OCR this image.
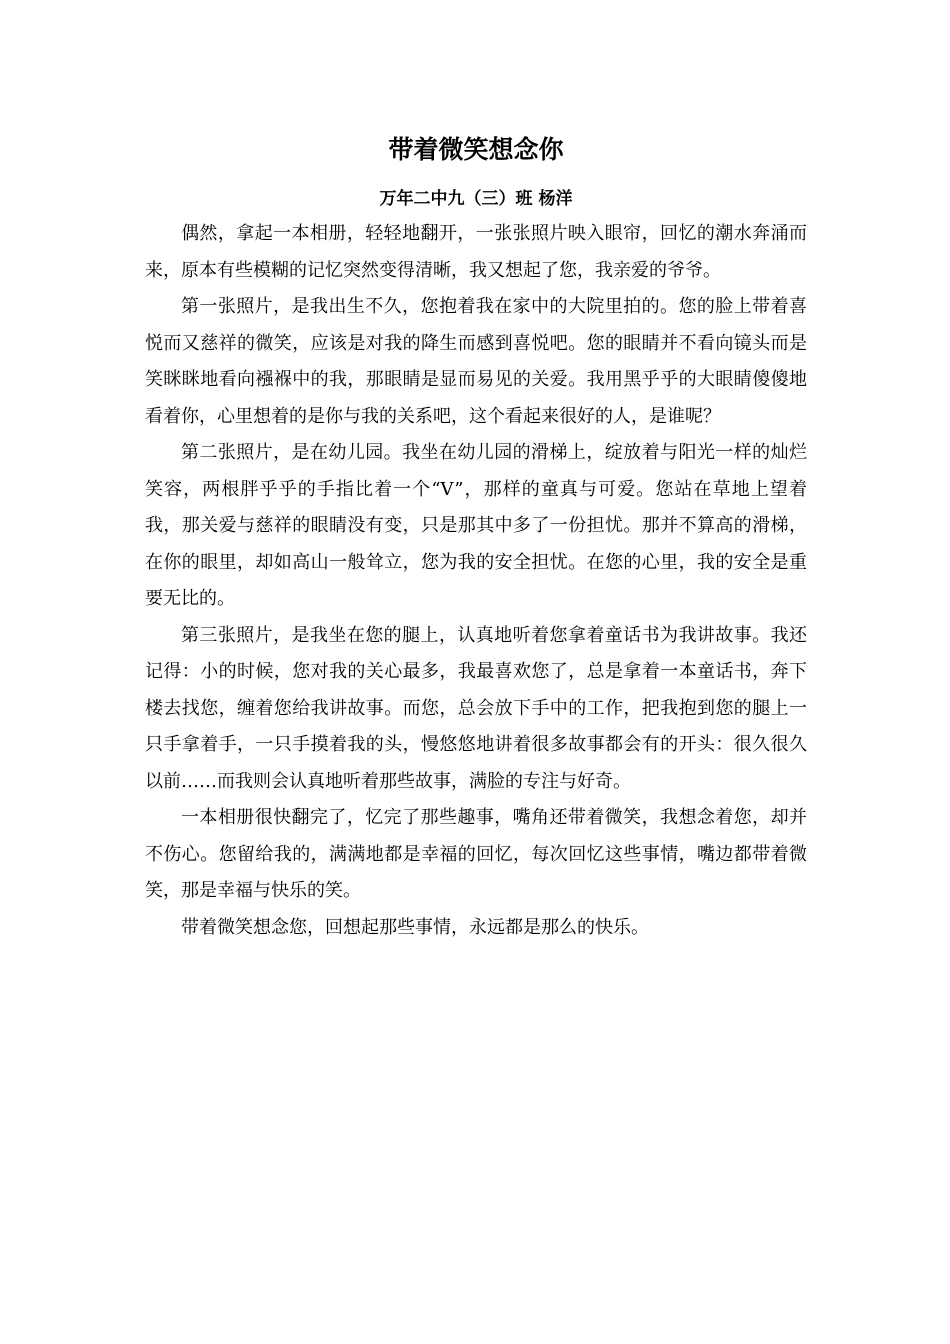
带着微笑想念你
万年二中九（三）班 杨洋

偶然，拿起一本相册，轻轻地翻开，一张张照片映入眼帘，回忆的潮水奔涌而来，原本有些模糊的记忆突然变得清晰，我又想起了您，我亲爱的爷爷。

第一张照片，是我出生不久，您抱着我在家中的大院里拍的。您的脸上带着喜悦而又慈祥的微笑，应该是对我的降生而感到喜悦吧。您的眼睛并不看向镜头而是笑眯眯地看向襁褓中的我，那眼睛是显而易见的关爱。我用黑乎乎的大眼睛傻傻地看着你，心里想着的是你与我的关系吧，这个看起来很好的人，是谁呢？

第二张照片，是在幼儿园。我坐在幼儿园的滑梯上，绽放着与阳光一样的灿烂笑容，两根胖乎乎的手指比着一个“V”，那样的童真与可爱。您站在草地上望着我，那关爱与慈祥的眼睛没有变，只是那其中多了一份担忧。那并不算高的滑梯，在你的眼里，却如高山一般耸立，您为我的安全担忧。在您的心里，我的安全是重要无比的。

第三张照片，是我坐在您的腿上，认真地听着您拿着童话书为我讲故事。我还记得：小的时候，您对我的关心最多，我最喜欢您了，总是拿着一本童话书，奔下楼去找您，缠着您给我讲故事。而您，总会放下手中的工作，把我抱到您的腿上一只手拿着手，一只手摸着我的头，慢悠悠地讲着很多故事都会有的开头：很久很久以前……而我则会认真地听着那些故事，满脸的专注与好奇。

一本相册很快翻完了，忆完了那些趣事，嘴角还带着微笑，我想念着您，却并不伤心。您留给我的，满满地都是幸福的回忆，每次回忆这些事情，嘴边都带着微笑，那是幸福与快乐的笑。

带着微笑想念您，回想起那些事情，永远都是那么的快乐。
